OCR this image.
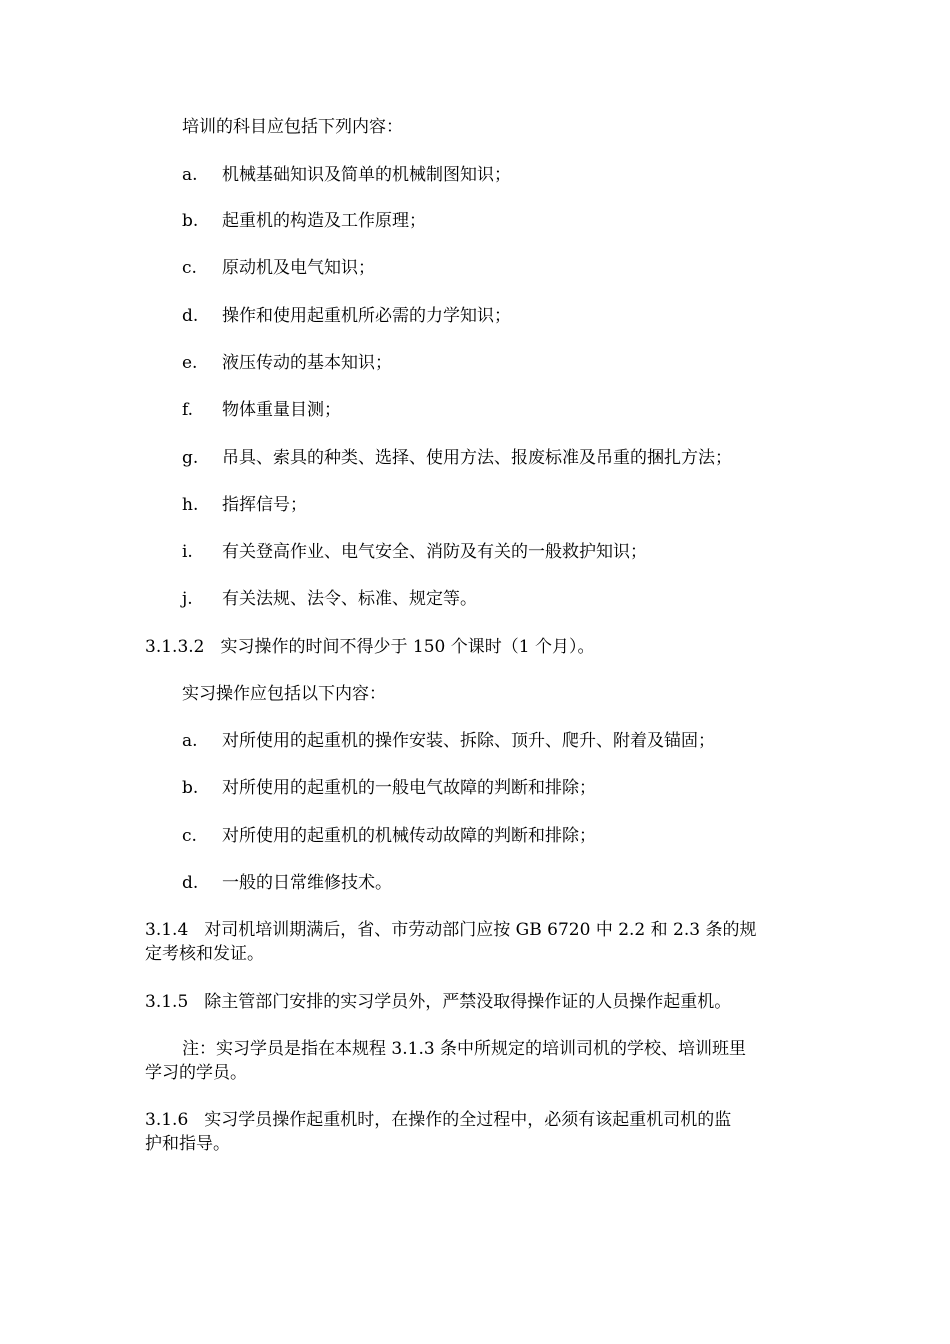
培训的科目应包括下列内容：
a. 机械基础知识及简单的机械制图知识；
b. 起重机的构造及工作原理；
c. 原动机及电气知识；
d. 操作和使用起重机所必需的力学知识；
e. 液压传动的基本知识；
f. 物体重量目测；
g. 吊具、索具的种类、选择、使用方法、报废标准及吊重的捆扎方法；
h. 指挥信号；
i. 有关登高作业、电气安全、消防及有关的一般救护知识；
j. 有关法规、法令、标准、规定等。
3.1.3.2 实习操作的时间不得少于 150 个课时（1 个月）。
实习操作应包括以下内容：
a. 对所使用的起重机的操作安装、拆除、顶升、爬升、附着及锚固；
b. 对所使用的起重机的一般电气故障的判断和排除；
c. 对所使用的起重机的机械传动故障的判断和排除；
d. 一般的日常维修技术。
3.1.4 对司机培训期满后，省、市劳动部门应按 GB 6720 中 2.2 和 2.3 条的规
定考核和发证。
3.1.5 除主管部门安排的实习学员外，严禁没取得操作证的人员操作起重机。
注：实习学员是指在本规程 3.1.3 条中所规定的培训司机的学校、培训班里
学习的学员。
3.1.6 实习学员操作起重机时，在操作的全过程中，必须有该起重机司机的监
护和指导。
